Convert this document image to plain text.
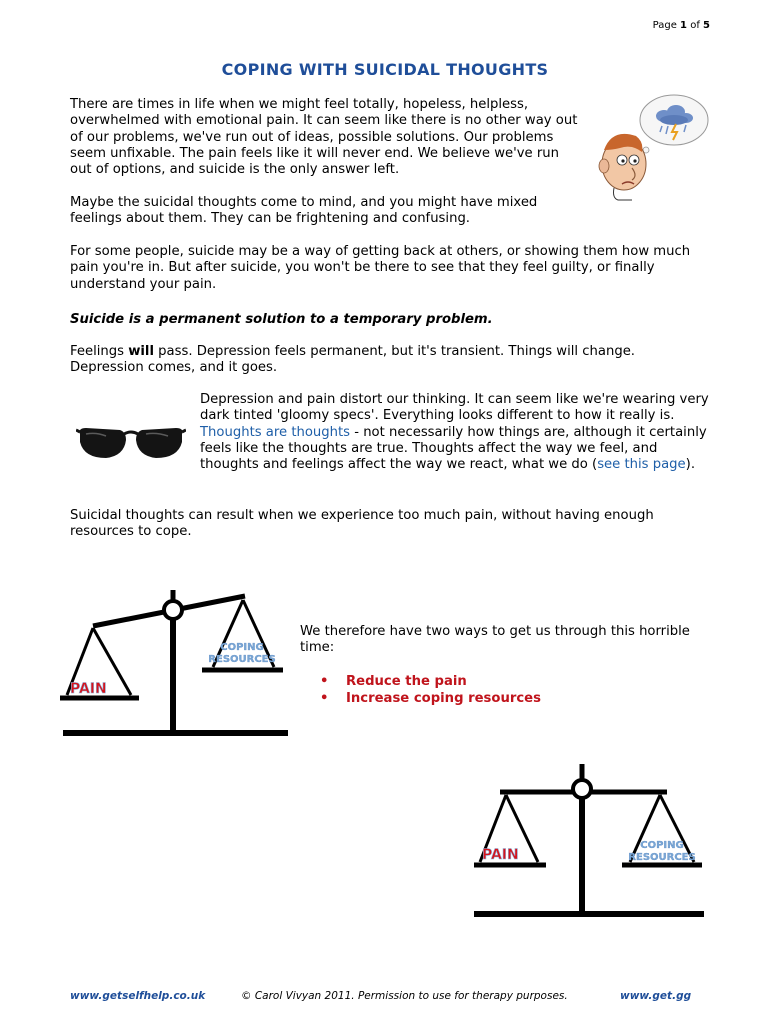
Page 1 of 5
COPING WITH SUICIDAL THOUGHTS

There are times in life when we might feel totally, hopeless, helpless, overwhelmed with emotional pain. It can seem like there is no other way out of our problems, we've run out of ideas, possible solutions. Our problems seem unfixable. The pain feels like it will never end. We believe we've run out of options, and suicide is the only answer left.

Maybe the suicidal thoughts come to mind, and you might have mixed feelings about them. They can be frightening and confusing.

For some people, suicide may be a way of getting back at others, or showing them how much pain you're in. But after suicide, you won't be there to see that they feel guilty, or finally understand your pain.

Suicide is a permanent solution to a temporary problem.

Feelings will pass. Depression feels permanent, but it's transient. Things will change. Depression comes, and it goes.

Depression and pain distort our thinking. It can seem like we're wearing very dark tinted 'gloomy specs'. Everything looks different to how it really is. Thoughts are thoughts - not necessarily how things are, although it certainly feels like the thoughts are true. Thoughts affect the way we feel, and thoughts and feelings affect the way we react, what we do (see this page).

Suicidal thoughts can result when we experience too much pain, without having enough resources to cope.

PAIN
COPING
RESOURCES

We therefore have two ways to get us through this horrible time:

• Reduce the pain
• Increase coping resources
PAIN
COPING
RESOURCES
www.getselfhelp.co.uk	© Carol Vivyan 2011. Permission to use for therapy purposes.	www.get.gg
